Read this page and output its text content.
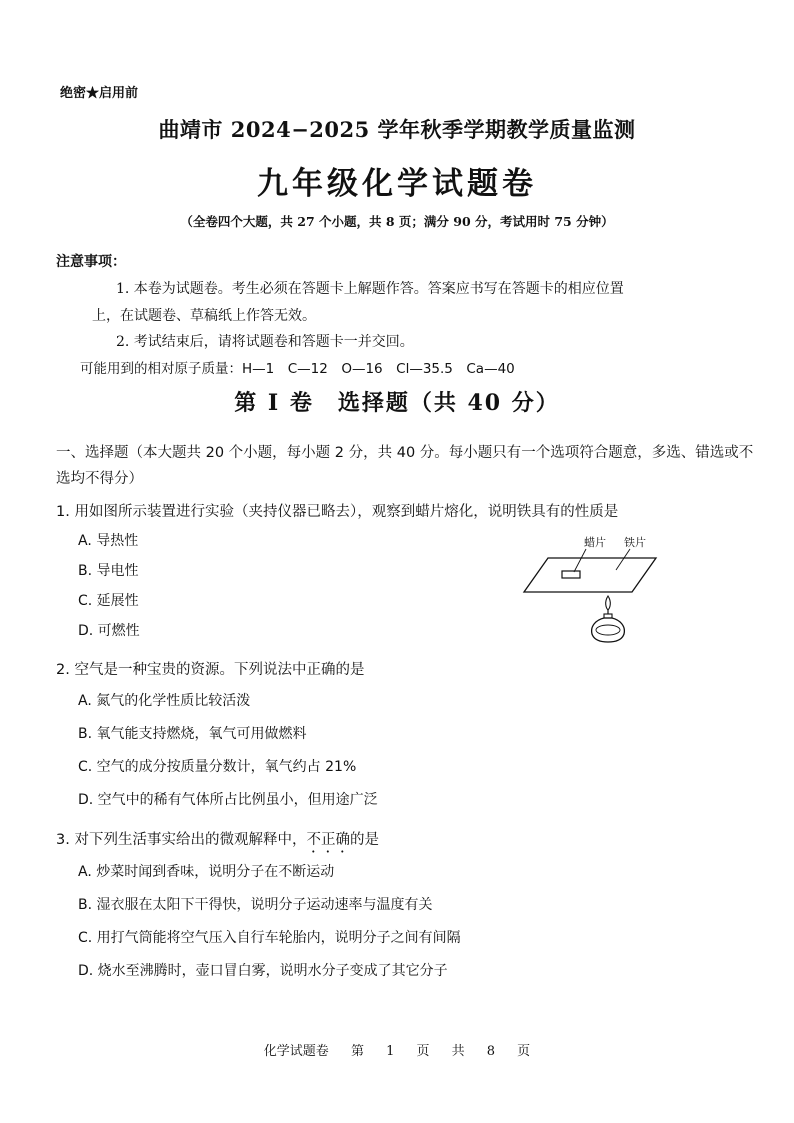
绝密★启用前
曲靖市 2024−2025 学年秋季学期教学质量监测
九年级化学试题卷
（全卷四个大题，共 27 个小题，共 8 页；满分 90 分，考试用时 75 分钟）
注意事项：
1. 本卷为试题卷。考生必须在答题卡上解题作答。答案应书写在答题卡的相应位置
上，在试题卷、草稿纸上作答无效。
2. 考试结束后，请将试题卷和答题卡一并交回。
可能用到的相对原子质量：H—1　C—12　O—16　Cl—35.5　Ca—40
第 I 卷　选择题（共 40 分）
一、选择题（本大题共 20 个小题，每小题 2 分，共 40 分。每小题只有一个选项符合题意，多选、错选或不选均不得分）
1. 用如图所示装置进行实验（夹持仪器已略去），观察到蜡片熔化，说明铁具有的性质是
A. 导热性
B. 导电性
C. 延展性
D. 可燃性
蜡片 铁片
2. 空气是一种宝贵的资源。下列说法中正确的是
A. 氮气的化学性质比较活泼
B. 氧气能支持燃烧，氧气可用做燃料
C. 空气的成分按质量分数计，氧气约占 21%
D. 空气中的稀有气体所占比例虽小，但用途广泛
3. 对下列生活事实给出的微观解释中，不正确的是
A. 炒菜时闻到香味，说明分子在不断运动
B. 湿衣服在太阳下干得快，说明分子运动速率与温度有关
C. 用打气筒能将空气压入自行车轮胎内，说明分子之间有间隔
D. 烧水至沸腾时，壶口冒白雾，说明水分子变成了其它分子
化学试题卷 第 1 页 共 8 页
